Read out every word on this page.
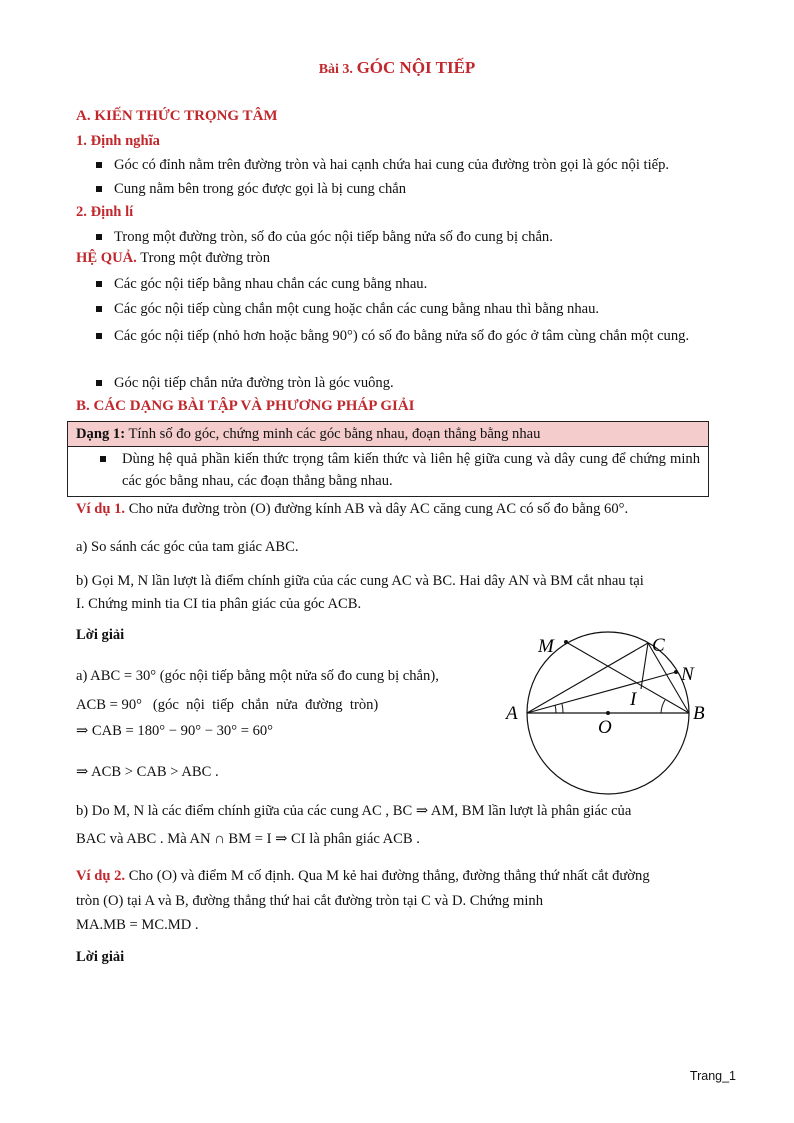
Bài 3. GÓC NỘI TIẾP
A. KIẾN THỨC TRỌNG TÂM
1. Định nghĩa
Góc có đỉnh nằm trên đường tròn và hai cạnh chứa hai cung của đường tròn gọi là góc nội tiếp.
Cung nằm bên trong góc được gọi là bị cung chắn
2. Định lí
Trong một đường tròn, số đo của góc nội tiếp bằng nửa số đo cung bị chắn.
HỆ QUẢ. Trong một đường tròn
Các góc nội tiếp bằng nhau chắn các cung bằng nhau.
Các góc nội tiếp cùng chắn một cung hoặc chắn các cung bằng nhau thì bằng nhau.
Các góc nội tiếp (nhỏ hơn hoặc bằng 90°) có số đo bằng nửa số đo góc ở tâm cùng chắn một cung.
Góc nội tiếp chắn nửa đường tròn là góc vuông.
B. CÁC DẠNG BÀI TẬP VÀ PHƯƠNG PHÁP GIẢI
Dạng 1: Tính số đo góc, chứng minh các góc bằng nhau, đoạn thẳng bằng nhau
Dùng hệ quả phần kiến thức trọng tâm kiến thức và liên hệ giữa cung và dây cung để chứng minh các góc bằng nhau, các đoạn thẳng bằng nhau.
Ví dụ 1. Cho nửa đường tròn (O) đường kính AB và dây AC căng cung AC có số đo bằng 60°.
a) So sánh các góc của tam giác ABC.
b) Gọi M, N lần lượt là điểm chính giữa của các cung AC và BC. Hai dây AN và BM cắt nhau tại
I. Chứng minh tia CI tia phân giác của góc ACB.
Lời giải
a) ABC = 30° (góc nội tiếp bằng một nửa số đo cung bị chắn),
ACB = 90°   (góc  nội  tiếp  chắn  nửa  đường  tròn)
⇒ CAB = 180° − 90° − 30° = 60°
⇒ ACB > CAB > ABC .
M	C
N
I
A
O
B
b) Do M, N là các điểm chính giữa của các cung AC , BC ⇒ AM, BM lần lượt là phân giác của
BAC và ABC . Mà AN ∩ BM = I ⇒ CI là phân giác ACB .
Ví dụ 2. Cho (O) và điểm M cố định. Qua M kẻ hai đường thẳng, đường thẳng thứ nhất cắt đường
tròn (O) tại A và B, đường thẳng thứ hai cắt đường tròn tại C và D. Chứng minh
MA.MB = MC.MD .
Lời giải
Trang_1
